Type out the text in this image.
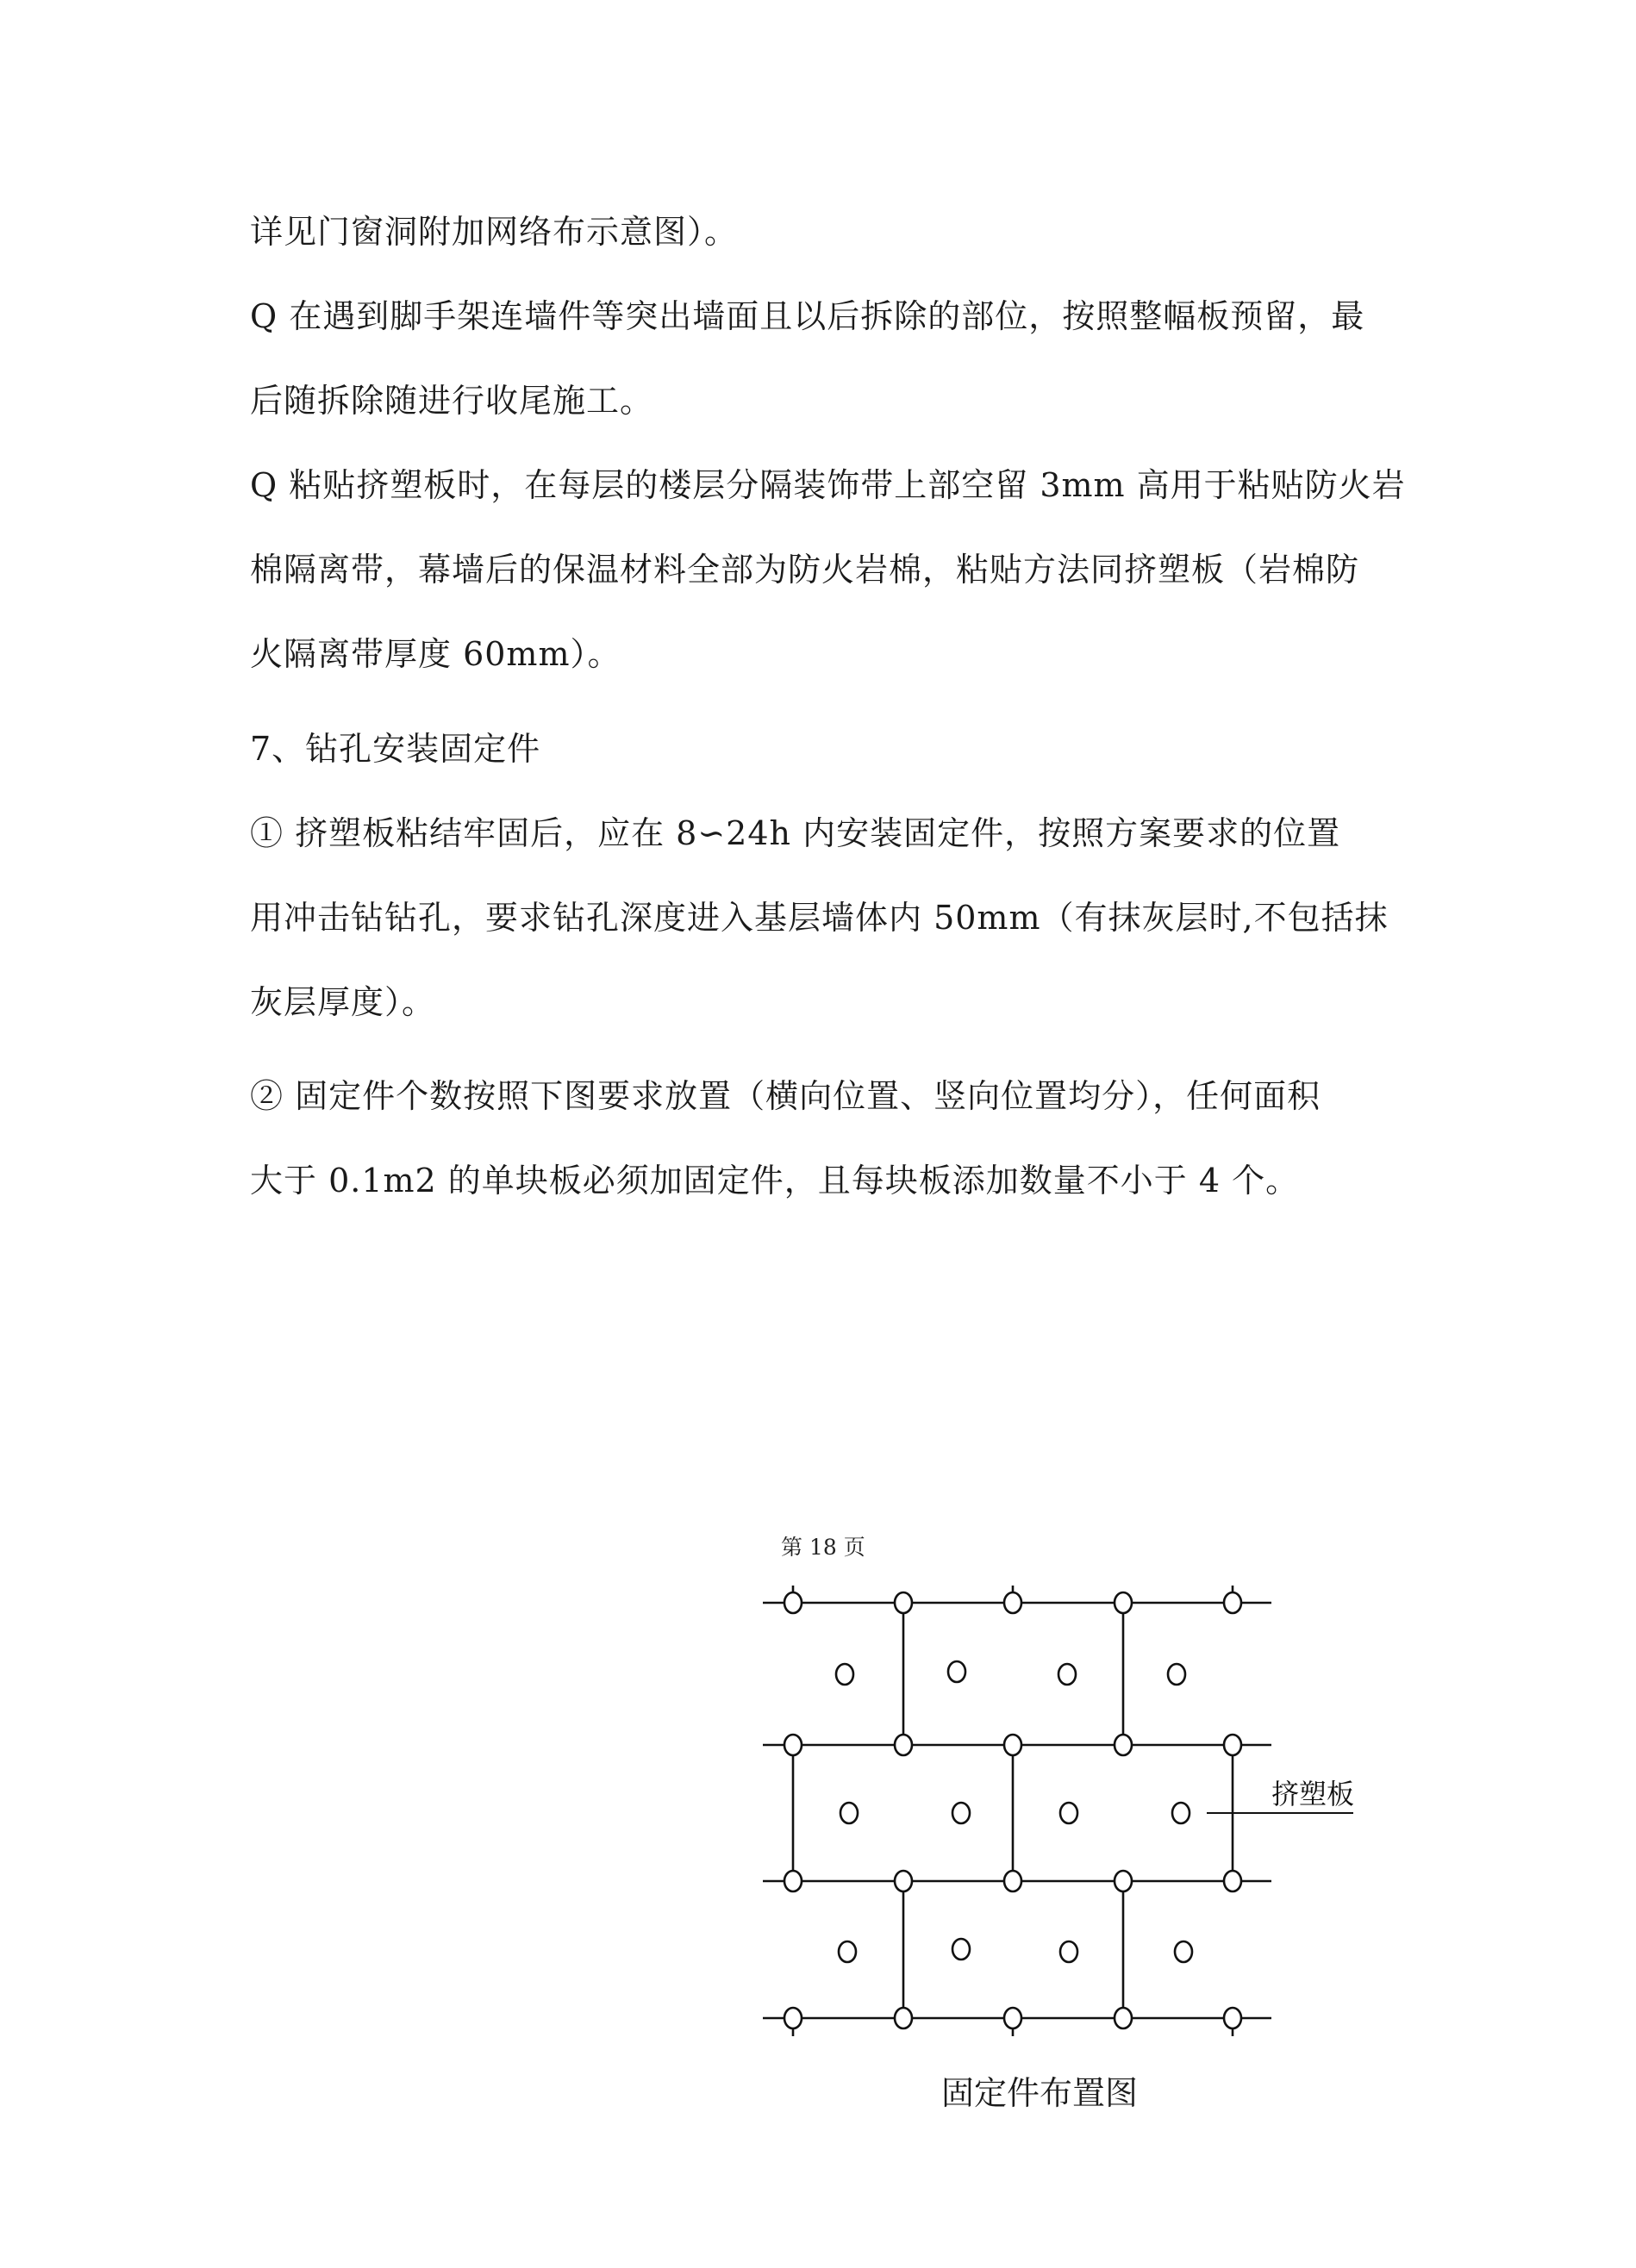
详见门窗洞附加网络布示意图）。

Q 在遇到脚手架连墙件等突出墙面且以后拆除的部位，按照整幅板预留，最
后随拆除随进行收尾施工。

Q 粘贴挤塑板时，在每层的楼层分隔装饰带上部空留 3mm 高用于粘贴防火岩
棉隔离带，幕墙后的保温材料全部为防火岩棉，粘贴方法同挤塑板（岩棉防
火隔离带厚度 60mm）。

7、钻孔安装固定件

① 挤塑板粘结牢固后，应在 8∽24h 内安装固定件，按照方案要求的位置
用冲击钻钻孔，要求钻孔深度进入基层墙体内 50mm（有抹灰层时,不包括抹
灰层厚度）。

② 固定件个数按照下图要求放置（横向位置、竖向位置均分），任何面积
大于 0.1m2 的单块板必须加固定件，且每块板添加数量不小于 4 个。

第 18 页
挤塑板
固定件布置图
